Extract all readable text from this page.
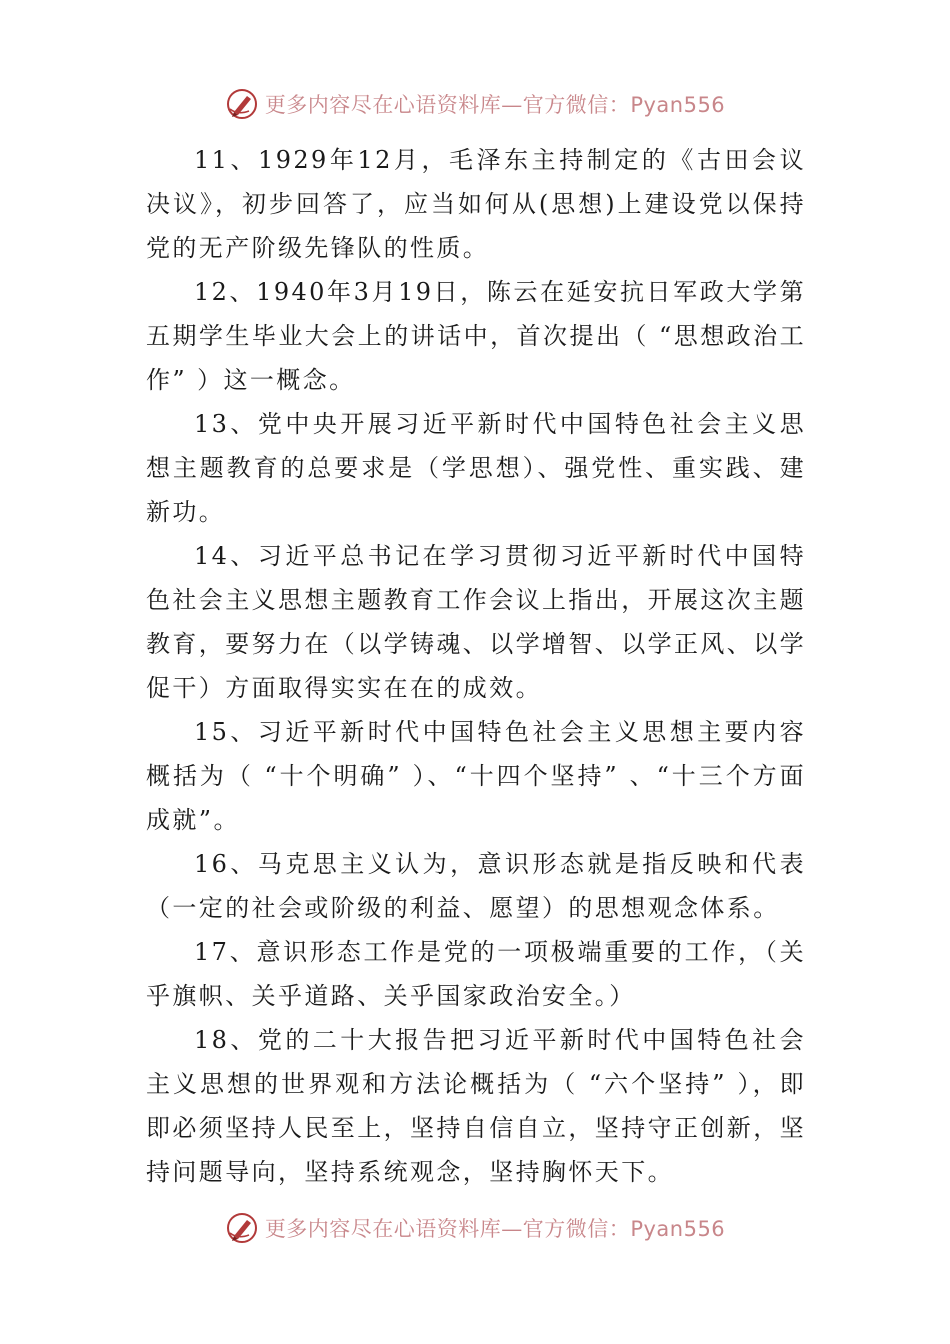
更多内容尽在心语资料库—官方微信：Pyan556

11、1929年12月，毛泽东主持制定的《古田会议决议》，初步回答了，应当如何从(思想)上建设党以保持党的无产阶级先锋队的性质。

12、1940年3月19日，陈云在延安抗日军政大学第五期学生毕业大会上的讲话中，首次提出（ “思想政治工作” ）这一概念。

13、党中央开展习近平新时代中国特色社会主义思想主题教育的总要求是（学思想）、强党性、重实践、建新功。

14、习近平总书记在学习贯彻习近平新时代中国特色社会主义思想主题教育工作会议上指出，开展这次主题教育，要努力在（以学铸魂、以学增智、以学正风、以学促干）方面取得实实在在的成效。

15、习近平新时代中国特色社会主义思想主要内容概括为（ “十个明确” ）、“十四个坚持” 、“十三个方面成就”。

16、马克思主义认为，意识形态就是指反映和代表（一定的社会或阶级的利益、愿望）的思想观念体系。

17、意识形态工作是党的一项极端重要的工作，（关乎旗帜、关乎道路、关乎国家政治安全。）

18、党的二十大报告把习近平新时代中国特色社会主义思想的世界观和方法论概括为（ “六个坚持” ），即即必须坚持人民至上，坚持自信自立，坚持守正创新，坚持问题导向，坚持系统观念，坚持胸怀天下。

更多内容尽在心语资料库—官方微信：Pyan556
